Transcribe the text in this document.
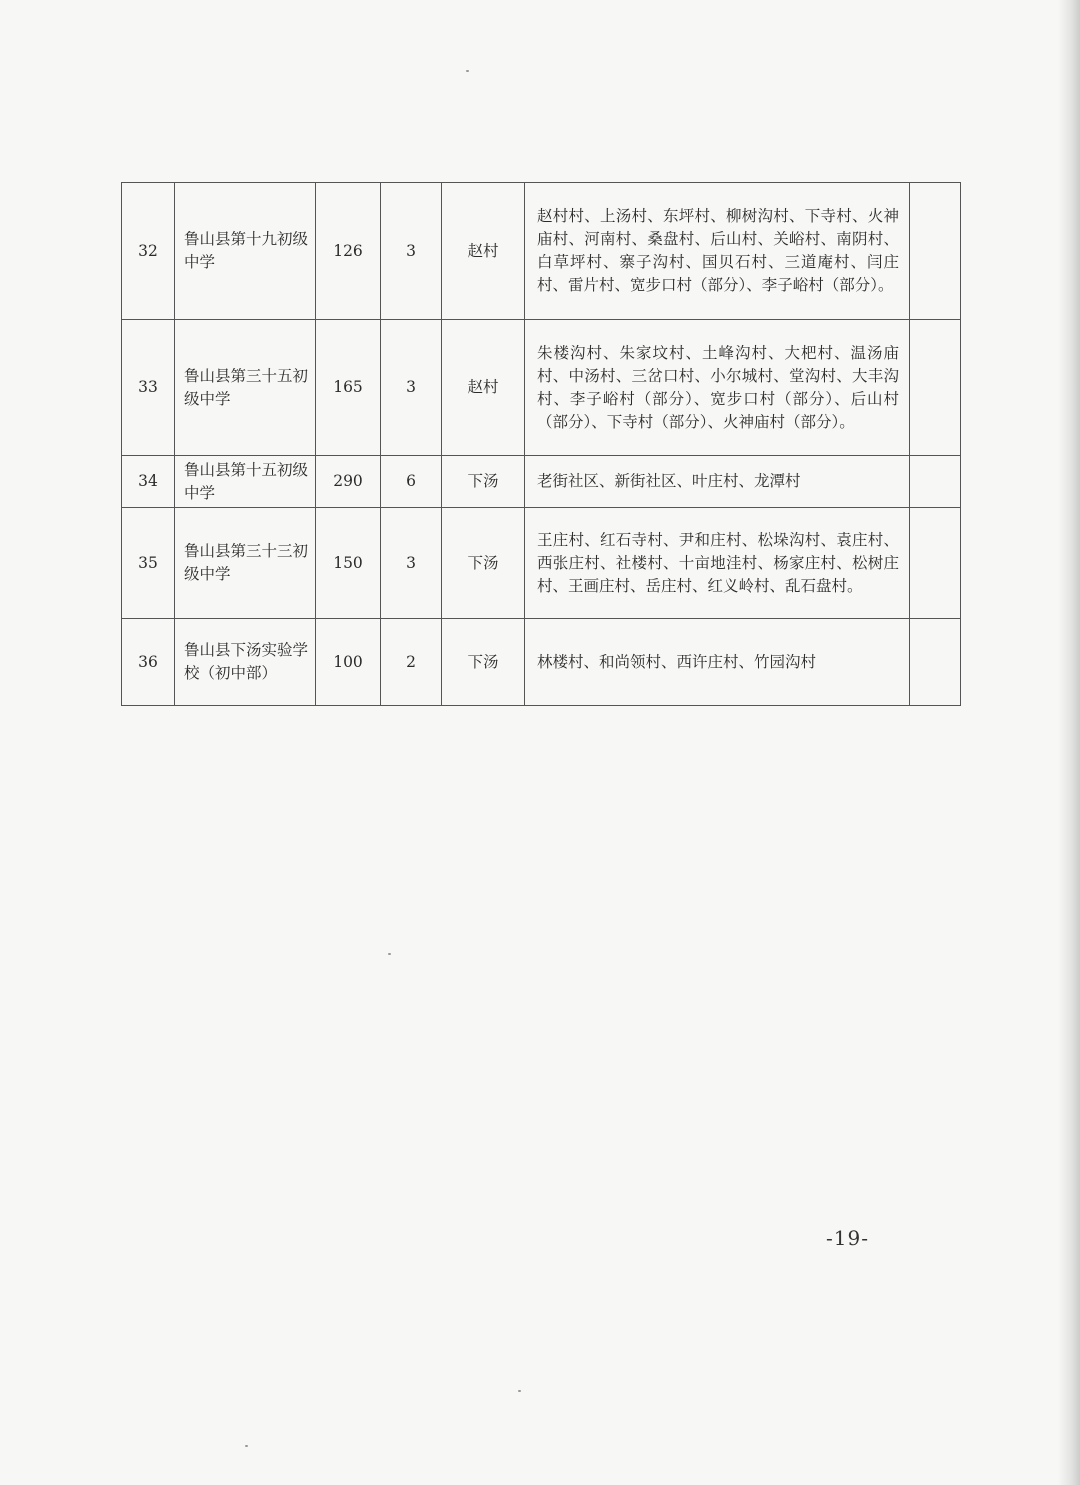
32	鲁山县第十九初级中学	126	3	赵村	赵村村、上汤村、东坪村、柳树沟村、下寺村、火神庙村、河南村、桑盘村、后山村、关峪村、南阴村、白草坪村、寨子沟村、国贝石村、三道庵村、闫庄村、雷片村、宽步口村（部分）、李子峪村（部分）。	
33	鲁山县第三十五初级中学	165	3	赵村	朱楼沟村、朱家坟村、土峰沟村、大杷村、温汤庙村、中汤村、三岔口村、小尔城村、堂沟村、大丰沟村、李子峪村（部分）、宽步口村（部分）、后山村（部分）、下寺村（部分）、火神庙村（部分）。	
34	鲁山县第十五初级中学	290	6	下汤	老街社区、新街社区、叶庄村、龙潭村	
35	鲁山县第三十三初级中学	150	3	下汤	王庄村、红石寺村、尹和庄村、松垛沟村、袁庄村、西张庄村、社楼村、十亩地洼村、杨家庄村、松树庄村、王画庄村、岳庄村、红义岭村、乱石盘村。	
36	鲁山县下汤实验学校（初中部）	100	2	下汤	林楼村、和尚领村、西许庄村、竹园沟村	
-19-
